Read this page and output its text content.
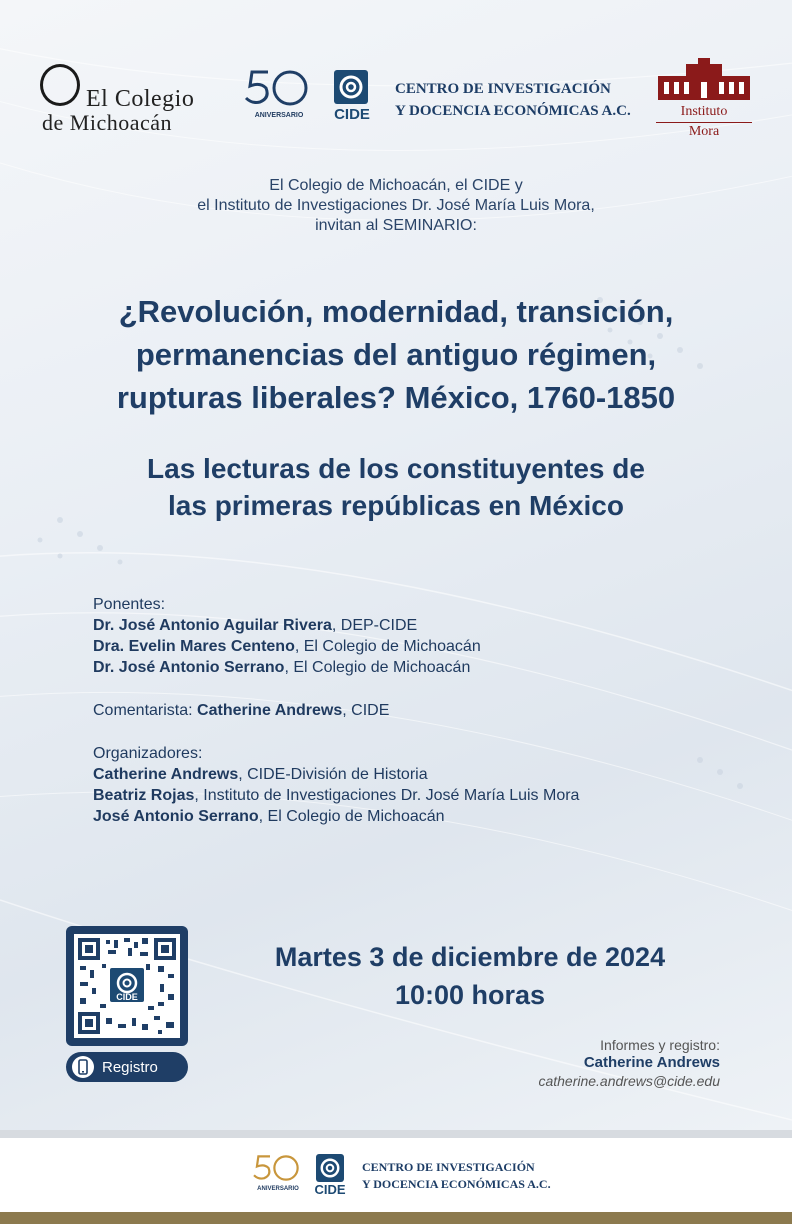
El Colegio
de Michoacán	ANIVERSARIO	CIDE
CENTRO DE INVESTIGACIÓN
Y DOCENCIA ECONÓMICAS A.C.	Instituto
Mora
El Colegio de Michoacán, el CIDE y
el Instituto de Investigaciones Dr. José María Luis Mora,
invitan al SEMINARIO:
¿Revolución, modernidad, transición,
permanencias del antiguo régimen,
rupturas liberales? México, 1760-1850
Las lecturas de los constituyentes de
las primeras repúblicas en México
Ponentes:
Dr. José Antonio Aguilar Rivera, DEP-CIDE
Dra. Evelin Mares Centeno, El Colegio de Michoacán
Dr. José Antonio Serrano, El Colegio de Michoacán
Comentarista: Catherine Andrews, CIDE
Organizadores:
Catherine Andrews, CIDE-División de Historia
Beatriz Rojas, Instituto de Investigaciones Dr. José María Luis Mora
José Antonio Serrano, El Colegio de Michoacán
CIDE
Registro
Martes 3 de diciembre de 2024
10:00 horas
Informes y registro:
Catherine Andrews
catherine.andrews@cide.edu
ANIVERSARIO	CIDE
CENTRO DE INVESTIGACIÓN
Y DOCENCIA ECONÓMICAS A.C.
